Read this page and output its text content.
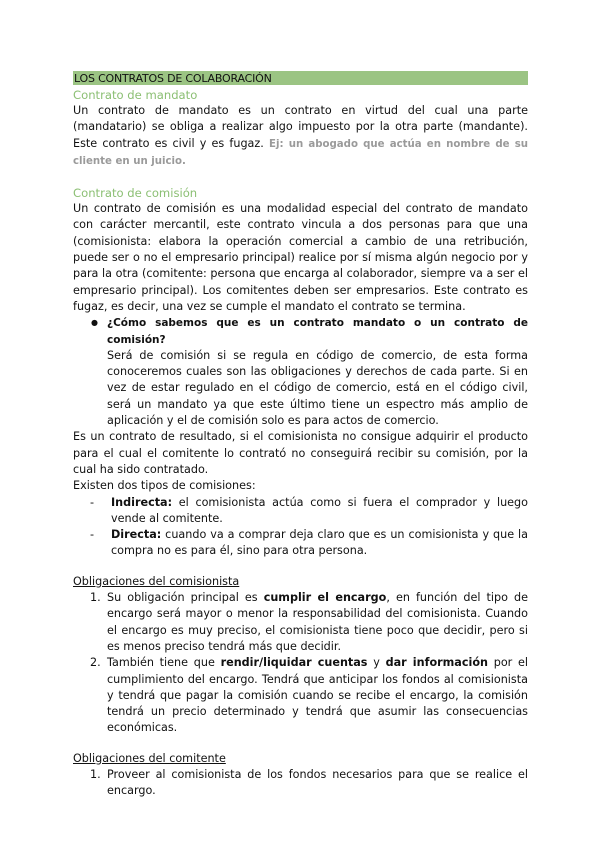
LOS CONTRATOS DE COLABORACIÓN
Contrato de mandato

Un contrato de mandato es un contrato en virtud del cual una parte (mandatario) se obliga a realizar algo impuesto por la otra parte (mandante). Este contrato es civil y es fugaz. Ej: un abogado que actúa en nombre de su cliente en un juicio.

Contrato de comisión

Un contrato de comisión es una modalidad especial del contrato de mandato con carácter mercantil, este contrato vincula a dos personas para que una (comisionista: elabora la operación comercial a cambio de una retribución, puede ser o no el empresario principal) realice por sí misma algún negocio por y para la otra (comitente: persona que encarga al colaborador, siempre va a ser el empresario principal). Los comitentes deben ser empresarios. Este contrato es fugaz, es decir, una vez se cumple el mandato el contrato se termina.

● ¿Cómo sabemos que es un contrato mandato o un contrato de comisión?
Será de comisión si se regula en código de comercio, de esta forma conoceremos cuales son las obligaciones y derechos de cada parte. Si en vez de estar regulado en el código de comercio, está en el código civil, será un mandato ya que este último tiene un espectro más amplio de aplicación y el de comisión solo es para actos de comercio.

Es un contrato de resultado, si el comisionista no consigue adquirir el producto para el cual el comitente lo contrató no conseguirá recibir su comisión, por la cual ha sido contratado.

Existen dos tipos de comisiones:

- Indirecta: el comisionista actúa como si fuera el comprador y luego vende al comitente.
- Directa: cuando va a comprar deja claro que es un comisionista y que la compra no es para él, sino para otra persona.
Obligaciones del comisionista
1. Su obligación principal es cumplir el encargo, en función del tipo de encargo será mayor o menor la responsabilidad del comisionista. Cuando el encargo es muy preciso, el comisionista tiene poco que decidir, pero si es menos preciso tendrá más que decidir.
2. También tiene que rendir/liquidar cuentas y dar información por el cumplimiento del encargo. Tendrá que anticipar los fondos al comisionista y tendrá que pagar la comisión cuando se recibe el encargo, la comisión tendrá un precio determinado y tendrá que asumir las consecuencias económicas.
Obligaciones del comitente
1. Proveer al comisionista de los fondos necesarios para que se realice el encargo.
